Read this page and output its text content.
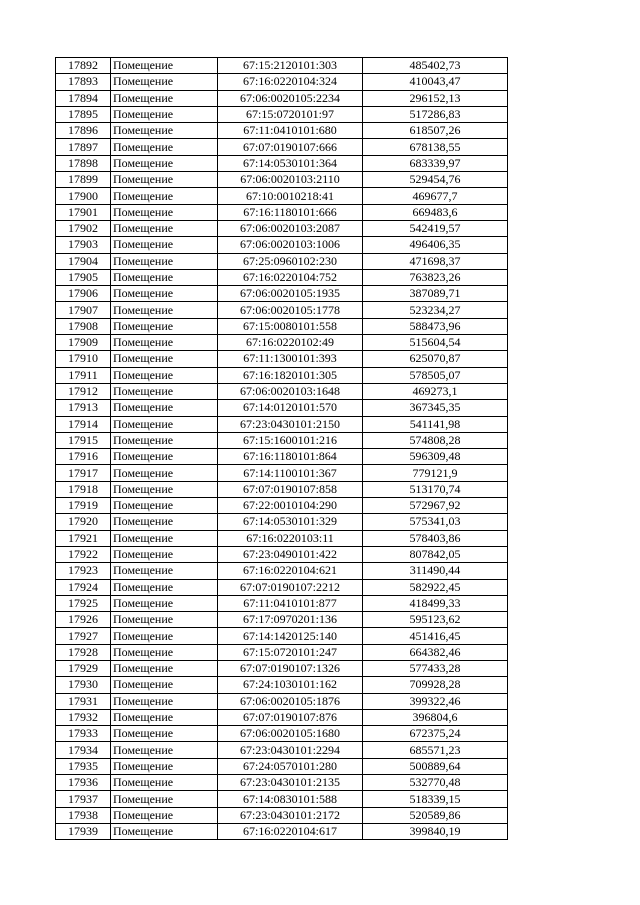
17892	Помещение	67:15:2120101:303	485402,73
17893	Помещение	67:16:0220104:324	410043,47
17894	Помещение	67:06:0020105:2234	296152,13
17895	Помещение	67:15:0720101:97	517286,83
17896	Помещение	67:11:0410101:680	618507,26
17897	Помещение	67:07:0190107:666	678138,55
17898	Помещение	67:14:0530101:364	683339,97
17899	Помещение	67:06:0020103:2110	529454,76
17900	Помещение	67:10:0010218:41	469677,7
17901	Помещение	67:16:1180101:666	669483,6
17902	Помещение	67:06:0020103:2087	542419,57
17903	Помещение	67:06:0020103:1006	496406,35
17904	Помещение	67:25:0960102:230	471698,37
17905	Помещение	67:16:0220104:752	763823,26
17906	Помещение	67:06:0020105:1935	387089,71
17907	Помещение	67:06:0020105:1778	523234,27
17908	Помещение	67:15:0080101:558	588473,96
17909	Помещение	67:16:0220102:49	515604,54
17910	Помещение	67:11:1300101:393	625070,87
17911	Помещение	67:16:1820101:305	578505,07
17912	Помещение	67:06:0020103:1648	469273,1
17913	Помещение	67:14:0120101:570	367345,35
17914	Помещение	67:23:0430101:2150	541141,98
17915	Помещение	67:15:1600101:216	574808,28
17916	Помещение	67:16:1180101:864	596309,48
17917	Помещение	67:14:1100101:367	779121,9
17918	Помещение	67:07:0190107:858	513170,74
17919	Помещение	67:22:0010104:290	572967,92
17920	Помещение	67:14:0530101:329	575341,03
17921	Помещение	67:16:0220103:11	578403,86
17922	Помещение	67:23:0490101:422	807842,05
17923	Помещение	67:16:0220104:621	311490,44
17924	Помещение	67:07:0190107:2212	582922,45
17925	Помещение	67:11:0410101:877	418499,33
17926	Помещение	67:17:0970201:136	595123,62
17927	Помещение	67:14:1420125:140	451416,45
17928	Помещение	67:15:0720101:247	664382,46
17929	Помещение	67:07:0190107:1326	577433,28
17930	Помещение	67:24:1030101:162	709928,28
17931	Помещение	67:06:0020105:1876	399322,46
17932	Помещение	67:07:0190107:876	396804,6
17933	Помещение	67:06:0020105:1680	672375,24
17934	Помещение	67:23:0430101:2294	685571,23
17935	Помещение	67:24:0570101:280	500889,64
17936	Помещение	67:23:0430101:2135	532770,48
17937	Помещение	67:14:0830101:588	518339,15
17938	Помещение	67:23:0430101:2172	520589,86
17939	Помещение	67:16:0220104:617	399840,19
